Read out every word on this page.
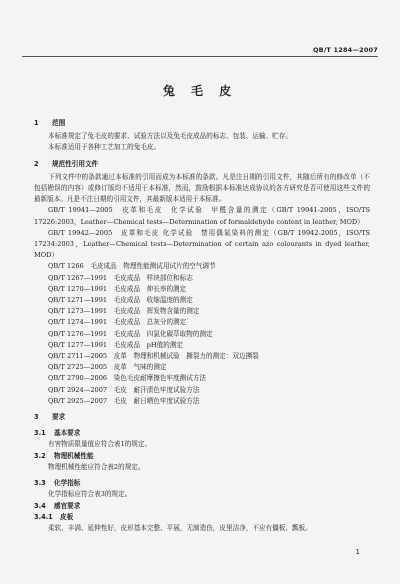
QB/T 1284—2007
兔 毛 皮

1 范围

本标准规定了兔毛皮的要求、试验方法以及兔毛皮成品的标志、包装、运输、贮存。

本标准适用于各种工艺加工的兔毛皮。

2 规范性引用文件

下列文件中的条款通过本标准的引用而成为本标准的条款。凡是注日期的引用文件，其随后所有的修改单（不包括勘误的内容）或修订版均不适用于本标准，然而，鼓励根据本标准达成协议的各方研究是否可使用这些文件的最新版本。凡是不注日期的引用文件，其最新版本适用于本标准。

GB/T 19941—2005　皮革和毛皮　化学试验　甲醛含量的测定（GB/T 19941-2005，ISO/TS 17226:2003，Leather—Chemical tests—Determination of formaldehyde content in leather, MOD）

GB/T 19942—2005　皮革和毛皮 化学试验　禁用偶氮染料的测定（GB/T 19942-2005，ISO/TS 17234:2003，Leather—Chemical tests—Determination of certain azo colourants in dyed leather, MOD）

QB/T 1266　毛皮成品　物理性能测试用试片的空气调节

QB/T 1267—1991　毛皮成品　样块部位和标志

QB/T 1270—1991　毛皮成品　伸长率的测定

QB/T 1271—1991　毛皮成品　收缩温度的测定

QB/T 1273—1991　毛皮成品　挥发物含量的测定

QB/T 1274—1991　毛皮成品　总灰分的测定

QB/T 1276—1991　毛皮成品　四氯化碳萃取物的测定

QB/T 1277—1991　毛皮成品　pH值的测定

QB/T 2711—2005　皮革　物理和机械试验　撕裂力的测定：双边撕裂

QB/T 2725—2005　皮革　气味的测定

QB/T 2790—2006　染色毛皮耐摩擦色牢度测试方法

QB/T 2924—2007　毛皮　耐汗渍色牢度试验方法

QB/T 2925—2007　毛皮　耐日晒色牢度试验方法

3 要求

3.1 基本要求

有害物质限量值应符合表1的规定。

3.2 物理机械性能

物理机械性能应符合表2的规定。

3.3 化学指标

化学指标应符合表3的规定。

3.4 感官要求

3.4.1 皮板

柔软、丰满、延伸性好，皮形基本完整、平展，无制造伤，皮里洁净，不应有僵板、瓢板。

1
